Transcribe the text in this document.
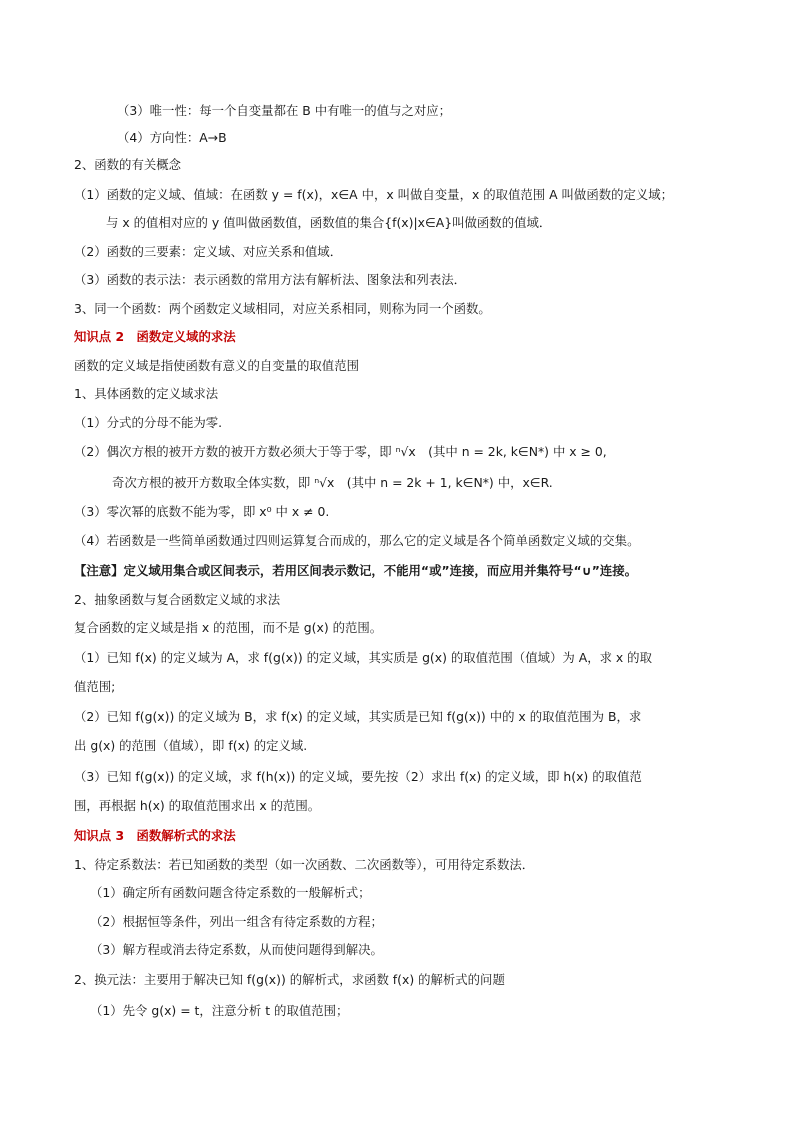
（3）唯一性：每一个自变量都在 B 中有唯一的值与之对应；
（4）方向性：A→B
2、函数的有关概念
（1）函数的定义域、值域：在函数 y = f(x)，x∈A 中，x 叫做自变量，x 的取值范围 A 叫做函数的定义域；
与 x 的值相对应的 y 值叫做函数值，函数值的集合{f(x)|x∈A}叫做函数的值域．
（2）函数的三要素：定义域、对应关系和值域．
（3）函数的表示法：表示函数的常用方法有解析法、图象法和列表法．
3、同一个函数：两个函数定义域相同，对应关系相同，则称为同一个函数。
知识点 2　函数定义域的求法
函数的定义域是指使函数有意义的自变量的取值范围
1、具体函数的定义域求法
（1）分式的分母不能为零.
（2）偶次方根的被开方数的被开方数必须大于等于零，即 ⁿ√x　(其中 n = 2k, k∈N*) 中 x ≥ 0,
奇次方根的被开方数取全体实数，即 ⁿ√x　(其中 n = 2k + 1, k∈N*) 中，x∈R.
（3）零次幂的底数不能为零，即 x⁰ 中 x ≠ 0.
（4）若函数是一些简单函数通过四则运算复合而成的，那么它的定义域是各个简单函数定义域的交集。
【注意】定义域用集合或区间表示，若用区间表示数记，不能用“或”连接，而应用并集符号“∪”连接。
2、抽象函数与复合函数定义域的求法
复合函数的定义域是指 x 的范围，而不是 g(x) 的范围。
（1）已知 f(x) 的定义域为 A，求 f(g(x)) 的定义域，其实质是 g(x) 的取值范围（值域）为 A，求 x 的取
值范围;
（2）已知 f(g(x)) 的定义域为 B，求 f(x) 的定义域，其实质是已知 f(g(x)) 中的 x 的取值范围为 B，求
出 g(x) 的范围（值域），即 f(x) 的定义域.
（3）已知 f(g(x)) 的定义域，求 f(h(x)) 的定义域，要先按（2）求出 f(x) 的定义域，即 h(x) 的取值范
围，再根据 h(x) 的取值范围求出 x 的范围。
知识点 3　函数解析式的求法
1、待定系数法：若已知函数的类型（如一次函数、二次函数等），可用待定系数法．
（1）确定所有函数问题含待定系数的一般解析式；
（2）根据恒等条件，列出一组含有待定系数的方程；
（3）解方程或消去待定系数，从而使问题得到解决。
2、换元法：主要用于解决已知 f(g(x)) 的解析式，求函数 f(x) 的解析式的问题
（1）先令 g(x) = t，注意分析 t 的取值范围；
